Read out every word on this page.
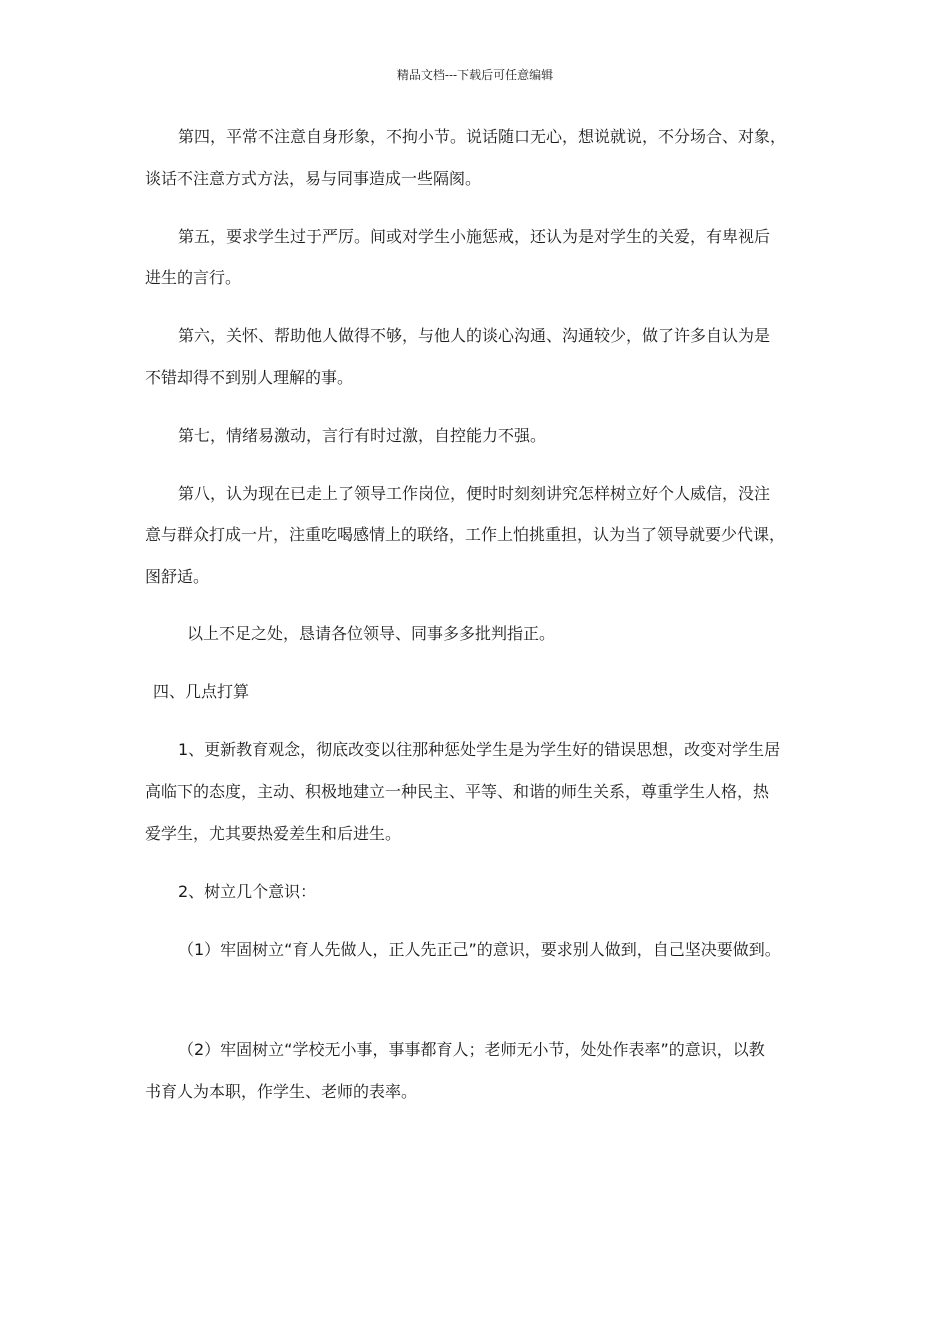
精品文档---下载后可任意编辑
第四，平常不注意自身形象，不拘小节。说话随口无心，想说就说，不分场合、对象，
谈话不注意方式方法，易与同事造成一些隔阂。
第五，要求学生过于严厉。间或对学生小施惩戒，还认为是对学生的关爱，有卑视后
进生的言行。
第六，关怀、帮助他人做得不够，与他人的谈心沟通、沟通较少，做了许多自认为是
不错却得不到别人理解的事。
第七，情绪易激动，言行有时过激，自控能力不强。
第八，认为现在已走上了领导工作岗位，便时时刻刻讲究怎样树立好个人威信，没注
意与群众打成一片，注重吃喝感情上的联络，工作上怕挑重担，认为当了领导就要少代课，
图舒适。
以上不足之处，恳请各位领导、同事多多批判指正。
四、几点打算
1、更新教育观念，彻底改变以往那种惩处学生是为学生好的错误思想，改变对学生居
高临下的态度，主动、积极地建立一种民主、平等、和谐的师生关系，尊重学生人格，热
爱学生，尤其要热爱差生和后进生。
2、树立几个意识：
（1）牢固树立“育人先做人，正人先正己”的意识，要求别人做到，自己坚决要做到。
（2）牢固树立“学校无小事，事事都育人；老师无小节，处处作表率”的意识，以教
书育人为本职，作学生、老师的表率。
